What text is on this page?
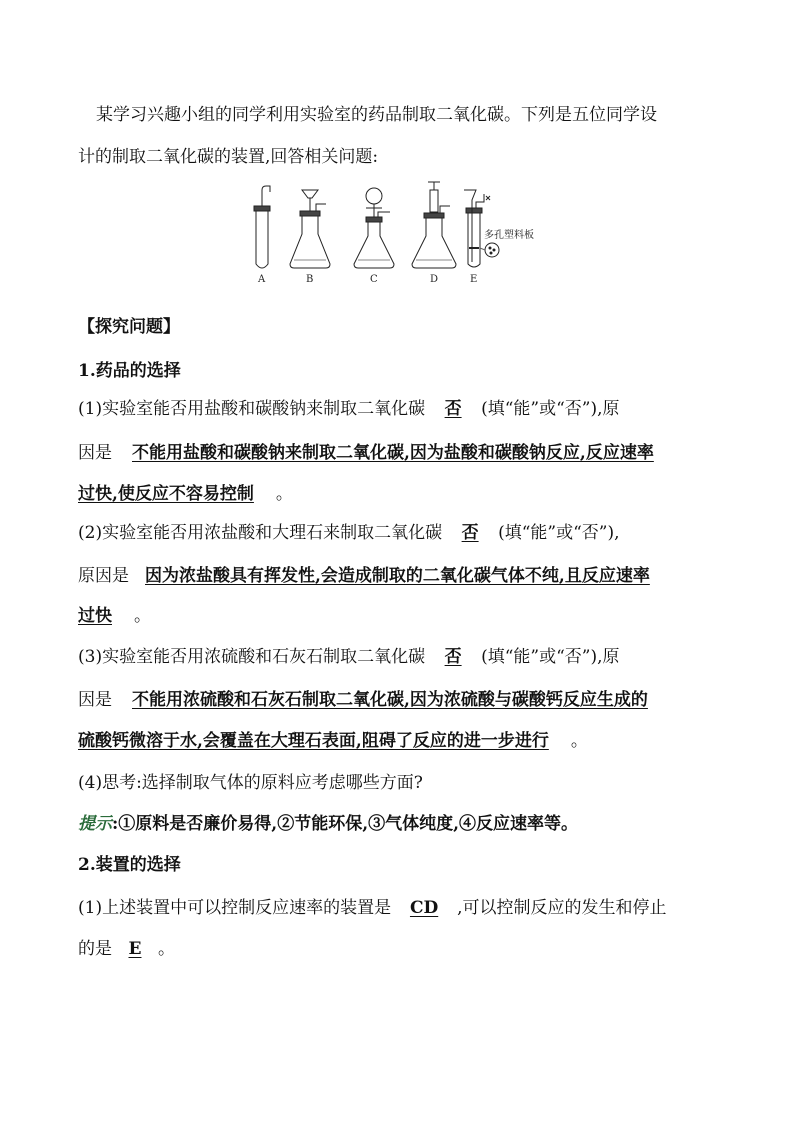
某学习兴趣小组的同学利用实验室的药品制取二氧化碳。下列是五位同学设
计的制取二氧化碳的装置,回答相关问题:
A	B	C	D	E
多孔塑料板
【探究问题】
1.药品的选择
(1)实验室能否用盐酸和碳酸钠来制取二氧化碳 否 (填“能”或“否”),原
因是 不能用盐酸和碳酸钠来制取二氧化碳,因为盐酸和碳酸钠反应,反应速率
过快,使反应不容易控制 。
(2)实验室能否用浓盐酸和大理石来制取二氧化碳 否 (填“能”或“否”),
原因是 因为浓盐酸具有挥发性,会造成制取的二氧化碳气体不纯,且反应速率
过快 。
(3)实验室能否用浓硫酸和石灰石制取二氧化碳 否 (填“能”或“否”),原
因是 不能用浓硫酸和石灰石制取二氧化碳,因为浓硫酸与碳酸钙反应生成的
硫酸钙微溶于水,会覆盖在大理石表面,阻碍了反应的进一步进行 。
(4)思考:选择制取气体的原料应考虑哪些方面?
提示:①原料是否廉价易得,②节能环保,③气体纯度,④反应速率等。
2.装置的选择
(1)上述装置中可以控制反应速率的装置是 CD ,可以控制反应的发生和停止
的是 E 。
